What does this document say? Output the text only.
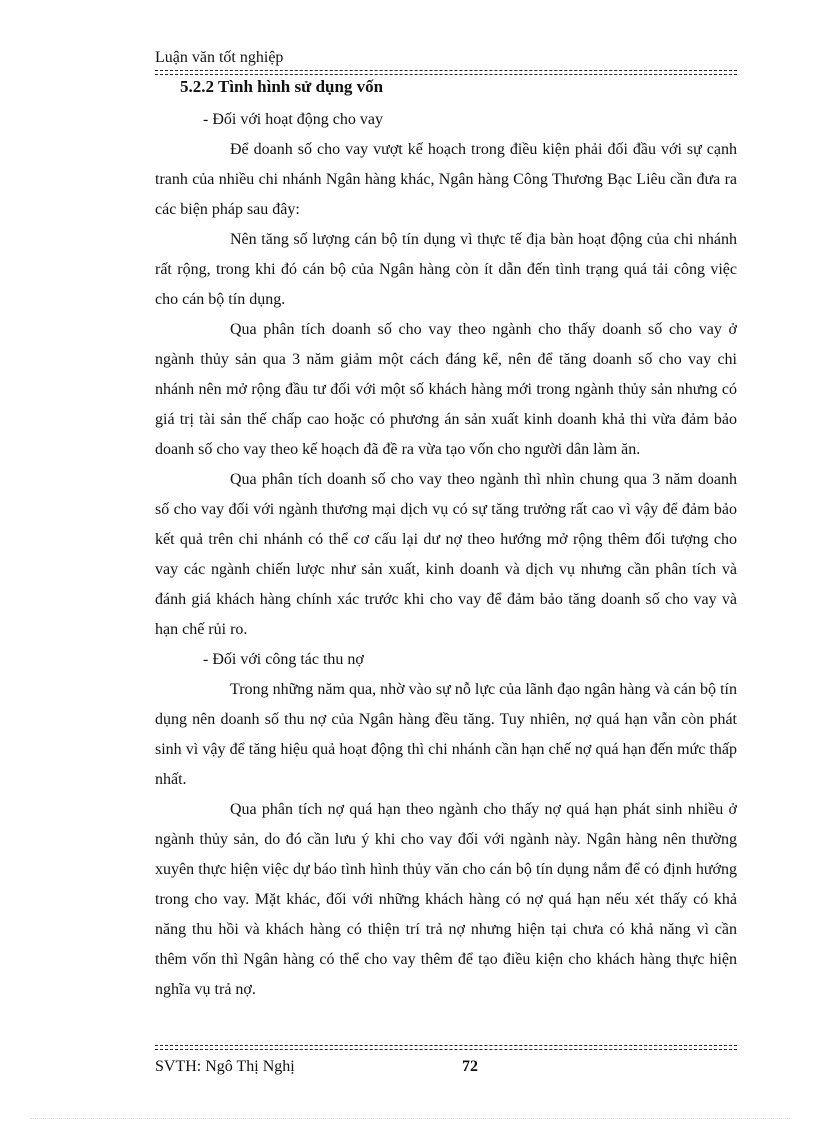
Luận văn tốt nghiệp
5.2.2 Tình hình sử dụng vốn

- Đối với hoạt động cho vay

Để doanh số cho vay vượt kế hoạch trong điều kiện phải đối đầu với sự cạnh tranh của nhiều chi nhánh Ngân hàng khác, Ngân hàng Công Thương Bạc Liêu cần đưa ra các biện pháp sau đây:

Nên tăng số lượng cán bộ tín dụng vì thực tế địa bàn hoạt động của chi nhánh rất rộng, trong khi đó cán bộ của Ngân hàng còn ít dẫn đến tình trạng quá tải công việc cho cán bộ tín dụng.

Qua phân tích doanh số cho vay theo ngành cho thấy doanh số cho vay ở ngành thủy sản qua 3 năm giảm một cách đáng kể, nên để tăng doanh số cho vay chi nhánh nên mở rộng đầu tư đối với một số khách hàng mới trong ngành thủy sản nhưng có giá trị tài sản thế chấp cao hoặc có phương án sản xuất kinh doanh khả thi vừa đảm bảo doanh số cho vay theo kế hoạch đã đề ra vừa tạo vốn cho người dân làm ăn.

Qua phân tích doanh số cho vay theo ngành thì nhìn chung qua 3 năm doanh số cho vay đối với ngành thương mại dịch vụ có sự tăng trưởng rất cao vì vậy để đảm bảo kết quả trên chi nhánh có thể cơ cấu lại dư nợ theo hướng mở rộng thêm đối tượng cho vay các ngành chiến lược như sản xuất, kinh doanh và dịch vụ nhưng cần phân tích và đánh giá khách hàng chính xác trước khi cho vay để đảm bảo tăng doanh số cho vay và hạn chế rủi ro.

- Đối với công tác thu nợ

Trong những năm qua, nhờ vào sự nỗ lực của lãnh đạo ngân hàng và cán bộ tín dụng nên doanh số thu nợ của Ngân hàng đều tăng. Tuy nhiên, nợ quá hạn vẫn còn phát sinh vì vậy để tăng hiệu quả hoạt động thì chi nhánh cần hạn chế nợ quá hạn đến mức thấp nhất.

Qua phân tích nợ quá hạn theo ngành cho thấy nợ quá hạn phát sinh nhiều ở ngành thủy sản, do đó cần lưu ý khi cho vay đối với ngành này. Ngân hàng nên thường xuyên thực hiện việc dự báo tình hình thủy văn cho cán bộ tín dụng nắm để có định hướng trong cho vay. Mặt khác, đối với những khách hàng có nợ quá hạn nếu xét thấy có khả năng thu hồi và khách hàng có thiện trí trả nợ nhưng hiện tại chưa có khả năng vì cần thêm vốn thì Ngân hàng có thể cho vay thêm để tạo điều kiện cho khách hàng thực hiện nghĩa vụ trả nợ.

SVTH: Ngô Thị Nghị	72
